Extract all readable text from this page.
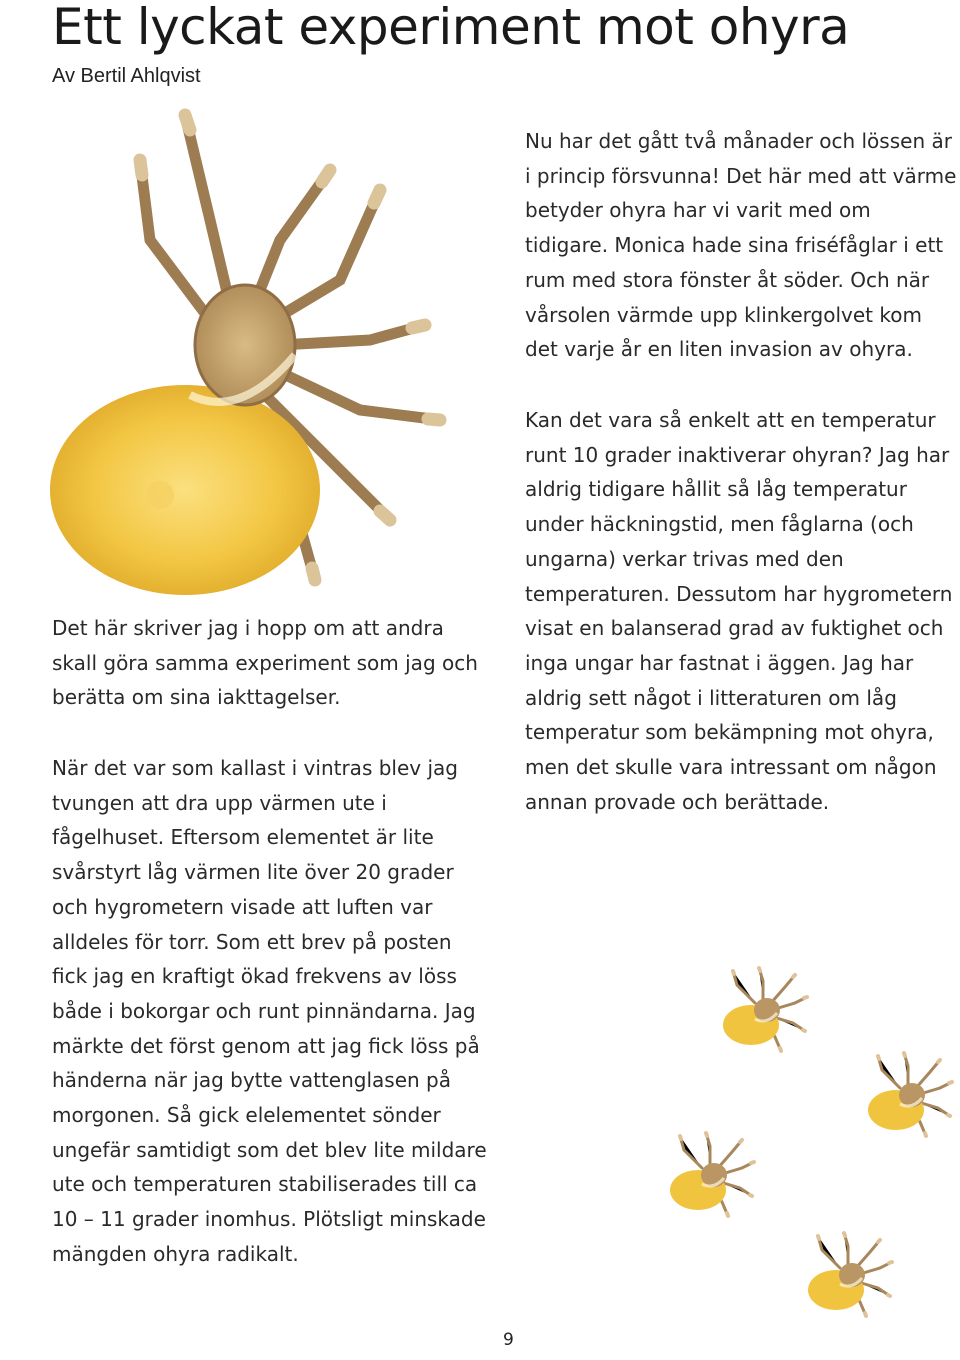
Ett lyckat experiment mot ohyra
Av Bertil Ahlqvist

Det här skriver jag i hopp om att andra skall göra samma experiment som jag och berätta om sina iakttagelser.

När det var som kallast i vintras blev jag tvungen att dra upp värmen ute i fågelhuset. Eftersom elementet är lite svårstyrt låg värmen lite över 20 grader och hygrometern visade att luften var alldeles för torr. Som ett brev på posten fick jag en kraftigt ökad frekvens av löss både i bokorgar och runt pinnändarna. Jag märkte det först genom att jag fick löss på händerna när jag bytte vattenglasen på morgonen. Så gick elelementet sönder ungefär samtidigt som det blev lite mildare ute och temperaturen stabiliserades till ca 10 – 11 grader inomhus. Plötsligt minskade mängden ohyra radikalt.

Nu har det gått två månader och lössen är i princip försvunna! Det här med att värme betyder ohyra har vi varit med om tidigare. Monica hade sina friséfåglar i ett rum med stora fönster åt söder. Och när vårsolen värmde upp klinkergolvet kom det varje år en liten invasion av ohyra.

Kan det vara så enkelt att en temperatur runt 10 grader inaktiverar ohyran? Jag har aldrig tidigare hållit så låg temperatur under häckningstid, men fåglarna (och ungarna) verkar trivas med den temperaturen. Dessutom har hygrometern visat en balanserad grad av fuktighet och inga ungar har fastnat i äggen. Jag har aldrig sett något i litteraturen om låg temperatur som bekämpning mot ohyra, men det skulle vara intressant om någon annan provade och berättade.

9
